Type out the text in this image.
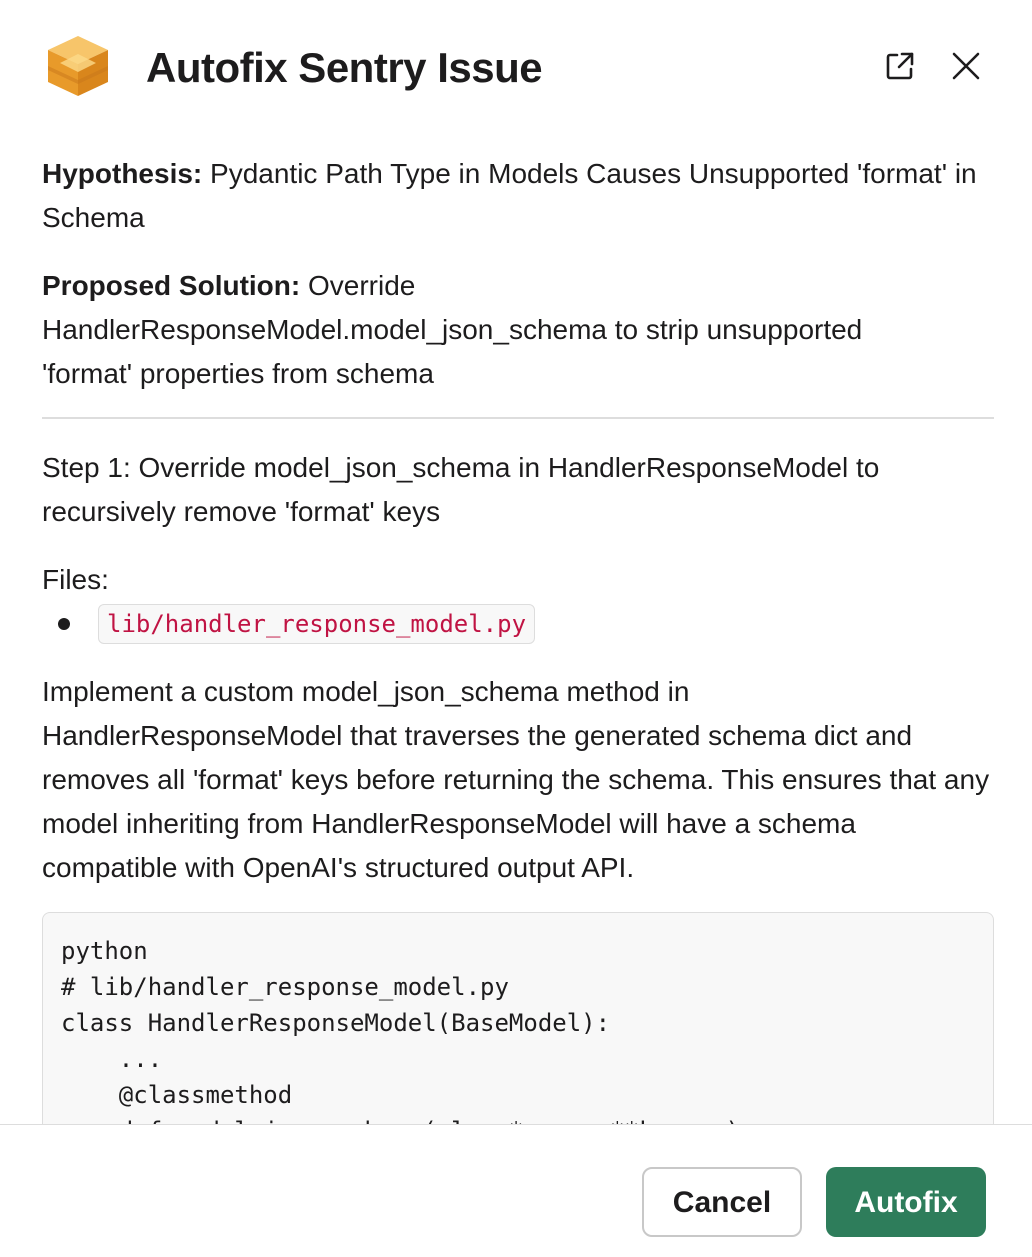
Autofix Sentry Issue

Hypothesis: Pydantic Path Type in Models Causes Unsupported 'format' in Schema

Proposed Solution: Override HandlerResponseModel.model_json_schema to strip unsupported 'format' properties from schema

Step 1: Override model_json_schema in HandlerResponseModel to recursively remove 'format' keys

Files:

lib/handler_response_model.py

Implement a custom model_json_schema method in HandlerResponseModel that traverses the generated schema dict and removes all 'format' keys before returning the schema. This ensures that any model inheriting from HandlerResponseModel will have a schema compatible with OpenAI's structured output API.

python
# lib/handler_response_model.py
class HandlerResponseModel(BaseModel):
...
@classmethod

Cancel	Autofix
